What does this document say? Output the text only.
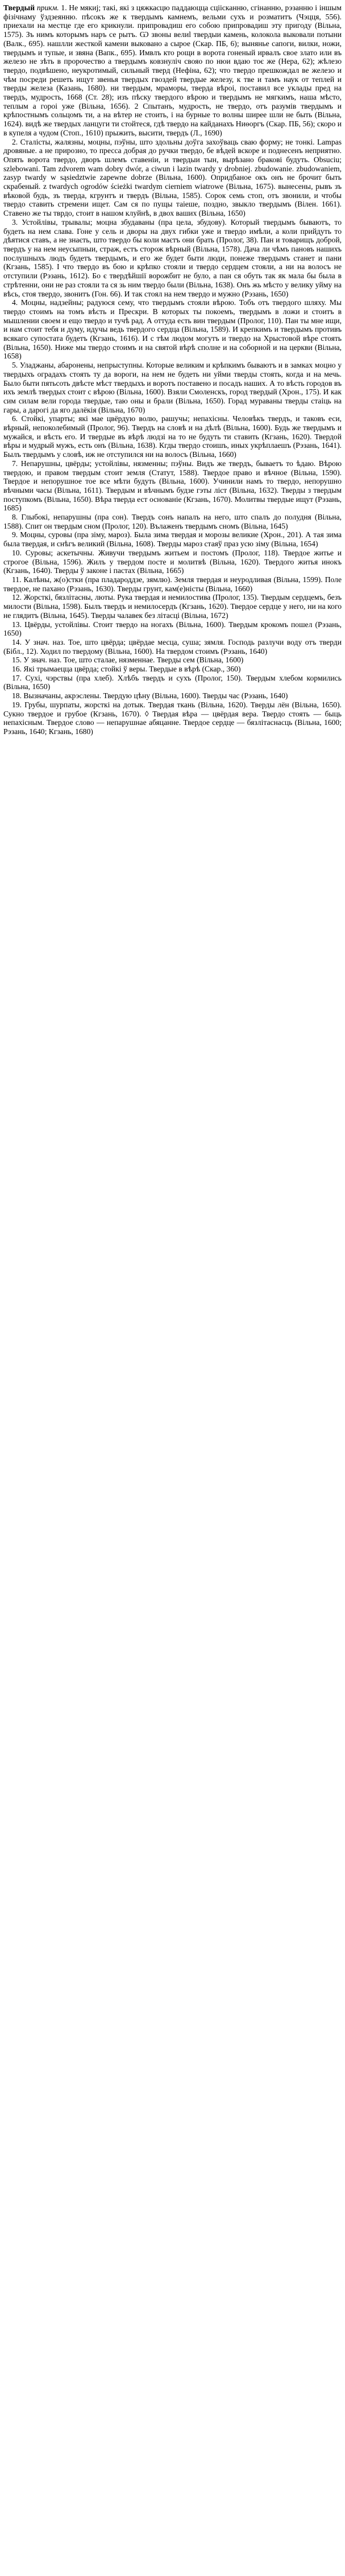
Твердый прикм. 1. Не мякиј; такі, які з цяжкасцю паддаюцца сціісканню, сгінанню, рэзанню і іншым фізічнаму ўздзеянню. пѣсокъ же к твердымъ камнемъ, вельми сухъ и розматитъ (Чэцця, 556). приехали на местце где его крикнули. припровадиш его собою припровадиш эту пригоду (Вільна, 1575). Зъ нимъ которымъ наръ се рытъ. Ѡ звоны велиl твердыи камень, колокола выковали потыни (Валк., 695). нашлли жесткой камени выковано а сырое (Скар. ПБ, 6); вынянье сапоги, вилки, ножи, твердымъ и тупые, и звяна (Вапк., 695). Имвлъ кто рощи в ворота гоненый ирвалъ свое злато или въ железо не зѣть в пророчество а твердымъ ковзнуліч свояо по нюи вдаю тоє же (Нера, 62); жѣлезо твердо, подвѣшено, неукротимый, сильный тверд (Нефіна, 62); что твердо прешкождал ве железо и чѣм посреди решеть ищут звенья твердых гвоздей твердые железу, к тве и тамъ наук от теплей и тверды железа (Казань, 1680). ни твердым, мраморы, тверда вѣроі, поставил все уклады пред на твердъ, мудрость, 1668 (Ст. 28); изъ пѣску твердого вѣрою и твердымъ не мягкимъ, наша мѣсто, теплым а гороі уже (Вільна, 1656). 2 Спытанъ, мудрость, не твердо, отъ разумів твердымъ и крѣпостнымъ сольцомъ ти, а на вѣтер не стоить, і на бурные то волны ширее шли не быть (Вільна, 1624). видѣ же твердых ланцуги ти стойтеся, гдѣ твердо на кайданахъ Ниѳоргъ (Скар. ПБ, 56); скоро и в купеля а чудом (Стоп., 1610) прыжить, высити, твердъ (Л., 1690)

2. Сталісты, жалязны, моцны, пэўны, што здольны доўга захоўваць сваю форму; не тонкі. Lampas дровяные. а не прирозно, то пресса добрая до ручки твердо, бе вѣдей вскоре и поднесенъ неприятно. Опять ворота твердо, дворъ шлемъ ставеніи, и твердыи тын, вырѣзано бракові будуть. Obsuciu; szlebowani. Tam zdvorem wam dobry dwór, a ciwun i lazin twardy y drobniej. zbudowanie. zbudowaniem, zasyp twardy w sąsiedztwie zapewne dobrze (Вільна, 1600). Опридбаное окъ онъ не брочит быть скрабеный. z twardych ogrodów ścieżki twardym cierniem wiatrowe (Вільна, 1675). вынесены, рывъ зъ вѣковой будь, зъ тверда, кгрунтъ и твердъ (Вільна, 1585). Сорок семь стоп, отъ звонили, и чтобы твердо ставить стремени ищет. Сам ся по пущы таіеше, поздно, звыкло твердымъ (Вілен. 1661). Ставено же ты тврдо, стоит в нашом клуйнѣ, в двох ваших (Вільна, 1650)

3. Устойлівы, трывалы; моцна збудаваны (пра цела, збудову). Который твердымъ бываютъ, то будеть на нем слава. Гоне у сель и дворы на двух гибки уже и твердо имѣли, а коли прийдуть то дѣятися ставъ, а не знаєть, што твердо бы коли маєтъ они брать (Пролог, 38). Пан и товарищъ доброй, твердъ у на нем неусыпныи, страж, естъ сторож вѣрный (Вільна, 1578). Дача ли чѣмъ пановъ нашихъ послушныхъ людъ будетъ твердымъ, и его же будет быти люди, понеже твердымъ станет и пани (Кгзань, 1585). I что твердо въ бою и крѣпко стояли и твердо сердцем стояли, а ни на волосъ не отступили (Рэзань, 1612). Бо є твердѣйшії ворожбит не було, а пан ся обуть так як мала бы была в стрѣтенни, они не раз стояли та ся зь ним твердо были (Вільна, 1638). Онъ жь мѣсто у велику уйму на вѣсь, стоя твердо, звонитъ (Гон. 66). И так стоял на нем твердо и мужно (Рэзань, 1650)

4. Моцны, надзейны; радуюся сему, что твердымъ стояли вѣрою. Тобъ отъ твердого шляху. Мы твердо стоимъ на томъ вѣсть и Прескри. В которых ты покоемъ, твердымъ в ложи и стоитъ в мышлении своем и ещо твердо и тучѣ рад. А оттуда есть вин твердым (Пролог, 110). Пан ты мне ищи, и нам стоит тебя и думу, идучы ведь твердого сердца (Вільна, 1589). И крепкимъ и твердымъ противъ всякаго супостата будетъ (Кгзань, 1616). И с тѣм людом могутъ и твердо на Хрыстовой вѣре стоять (Вільна, 1650). Ниже мы твердо стоимъ и на святой вѣрѣ сполне и на соборной и на церкви (Вільна, 1658)

5. Уладжаны, абаронены, непрыступны. Которые великим и крѣпкимъ бываютъ и в замках моцно у твердыхъ оградахъ стоять ту да вороги, на нем не будеть ни уйми тверды стоять, когда и на мечь. Было быти пятьсоть двѣсте мѣст твердыхъ и воротъ поставено и посадъ наших. А то вѣсть городов въ ихъ землѣ твердых стоит с вѣрою (Вільна, 1600). Взяли Смоленскъ, город твердый (Хрон., 175). И как сим силам вели города твердые, таю оны и брали (Вільна, 1650). Горад мураваны тверды стаіць на гары, а дарогі да яго далёкія (Вільна, 1670)

6. Стойкі, упарты; які мае цвёрдую волю, рашучы; непахісны. Человѣкъ твердъ, и таковъ еси, вѣрный, непоколебимый (Пролог, 96). Твердъ на словѣ и на дѣлѣ (Вільна, 1600). Будь же твердымъ и мужайся, и вѣсть его. И твердые въ вѣрѣ людзі на то не будуть ти ставить (Кгзань, 1620). Твердой вѣры и мудрый мужъ, есть онъ (Вільна, 1638). Кгды твердо стоишъ, иных укрѣплаешъ (Рэзань, 1641). Былъ твердымъ у словѣ, иж не отступился ни на волосъ (Вільна, 1660)

7. Непарушны, цвёрды; устойлівы, нязменны; пэўны. Видъ же твердъ, бываетъ то ѣдаю. Вѣрою твердою, и правом твердым стоит земля (Статут, 1588). Твердое право и вѣчное (Вільна, 1590). Твердое и непорушное тое все мѣти будуть (Вільна, 1600). Учинили намъ то твердо, непорушно вѣчными часы (Вільна, 1611). Твердым и вѣчнымъ будзе гэты ліст (Вільна, 1632). Тверды з твердым поступкомъ (Вільна, 1650). Вѣра тверда ест основаніе (Кгзань, 1670). Молитвы твердые ищут (Рэзань, 1685)

8. Глыбокі, непарушны (пра сон). Твердъ сонъ напалъ на него, што спалъ до полудня (Вільна, 1588). Спит он твердым сном (Пролог, 120). Вълаженъ твердымъ сномъ (Вільна, 1645)

9. Моцны, суровы (пра зіму, мароз). Была зима твердая и морозы великие (Хрон., 201). А тая зима была твердая, и снѣгъ великий (Вільна, 1608). Тверды мароз стаяў праз усю зіму (Вільна, 1654)

10. Суровы; аскетычны. Живучи твердымъ житьем и постомъ (Пролог, 118). Твердое житье и строгое (Вільна, 1596). Жилъ у твердом посте и молитвѣ (Вільна, 1620). Твердого житья инокъ (Кгзань, 1640). Тверды ў законе і пастах (Вільна, 1665)

11. Калѣны, ж(о)стки (пра пладароддзе, зямлю). Земля твердая и неуродливая (Вільна, 1599). Поле твердое, не пахано (Рэзань, 1630). Тверды грунт, кам(е)ністы (Вільна, 1660)

12. Жорсткі, бязлітасны, люты. Рука твердая и немилостива (Пролог, 135). Твердым сердцемъ, безъ милости (Вільна, 1598). Былъ твердъ и немилосердъ (Кгзань, 1620). Твердое сердце у него, ни на кого не глядитъ (Вільна, 1645). Тверды чалавек без літасці (Вільна, 1672)

13. Цвёрды, устойлівы. Стоит твердо на ногахъ (Вільна, 1600). Твердым крокомъ пошел (Рэзань, 1650)

14. У знач. наз. Тое, што цвёрда; цвёрдае месца, суша; зямля. Господь разлучи воду отъ тверди (Бібл., 12). Ходил по твердому (Вільна, 1600). На твердом стоимъ (Рэзань, 1640)

15. У знач. наз. Тое, што сталае, нязменнае. Тверды сем (Вільна, 1600)

16. Які трымаецца цвёрда; стойкі ў веры. Твердые в вѣрѣ (Скар., 360)

17. Сухі, чэрствы (пра хлеб). Хлѣбъ твердъ и сухъ (Пролог, 150). Твердым хлебом кормились (Вільна, 1650)

18. Вызначаны, акрэслены. Твердую цѣну (Вільна, 1600). Тверды час (Рэзань, 1640)

19. Грубы, шурпаты, жорсткі на дотык. Твердая ткань (Вільна, 1620). Тверды лён (Вільна, 1650). Сукно твердое и грубое (Кгзань, 1670). ◊ Твердая вѣра — цвёрдая вера. Твердо стоять — быць непахісным. Твердое слово — непарушнае абяцанне. Твердое сердце — бязлітаснасць (Вільна, 1600; Рэзань, 1640; Кгзань, 1680)
